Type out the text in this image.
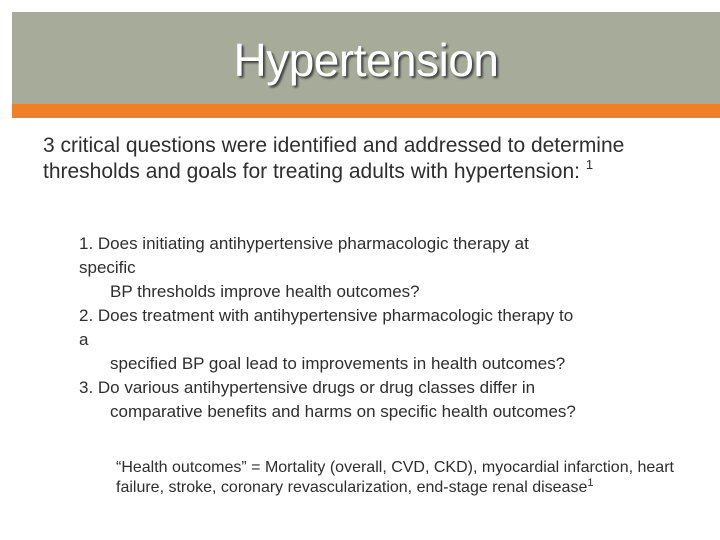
Hypertension
3 critical questions were identified and addressed to determine thresholds and goals for treating adults with hypertension: $^1$

1. Does initiating antihypertensive pharmacologic therapy at

specific

BP thresholds improve health outcomes?

2. Does treatment with antihypertensive pharmacologic therapy to

a

specified BP goal lead to improvements in health outcomes?

3. Do various antihypertensive drugs or drug classes differ in

comparative benefits and harms on specific health outcomes?

“Health outcomes” = Mortality (overall, CVD, CKD), myocardial infarction, heart failure, stroke, coronary revascularization, end-stage renal disease$^1$
